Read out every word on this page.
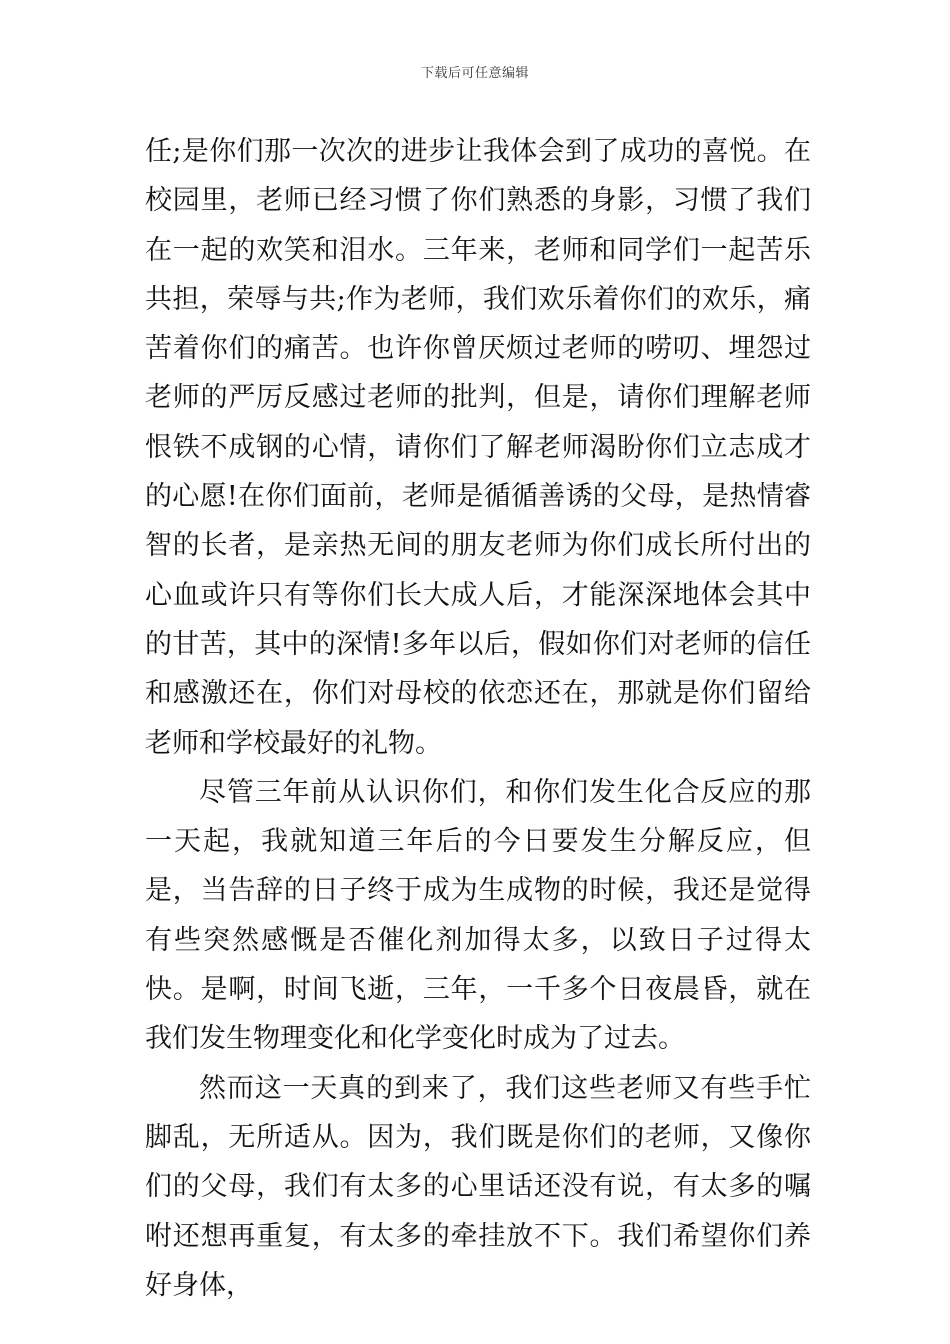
下载后可任意编辑

任;是你们那一次次的进步让我体会到了成功的喜悦。在校园里，老师已经习惯了你们熟悉的身影，习惯了我们在一起的欢笑和泪水。三年来，老师和同学们一起苦乐共担，荣辱与共;作为老师，我们欢乐着你们的欢乐，痛苦着你们的痛苦。也许你曾厌烦过老师的唠叨、埋怨过老师的严厉反感过老师的批判，但是，请你们理解老师恨铁不成钢的心情，请你们了解老师渴盼你们立志成才的心愿!在你们面前，老师是循循善诱的父母，是热情睿智的长者，是亲热无间的朋友老师为你们成长所付出的心血或许只有等你们长大成人后，才能深深地体会其中的甘苦，其中的深情!多年以后，假如你们对老师的信任和感激还在，你们对母校的依恋还在，那就是你们留给老师和学校最好的礼物。

尽管三年前从认识你们，和你们发生化合反应的那一天起，我就知道三年后的今日要发生分解反应，但是，当告辞的日子终于成为生成物的时候，我还是觉得有些突然感慨是否催化剂加得太多，以致日子过得太快。是啊，时间飞逝，三年，一千多个日夜晨昏，就在我们发生物理变化和化学变化时成为了过去。

然而这一天真的到来了，我们这些老师又有些手忙脚乱，无所适从。因为，我们既是你们的老师，又像你们的父母，我们有太多的心里话还没有说，有太多的嘱咐还想再重复，有太多的牵挂放不下。我们希望你们养好身体，
